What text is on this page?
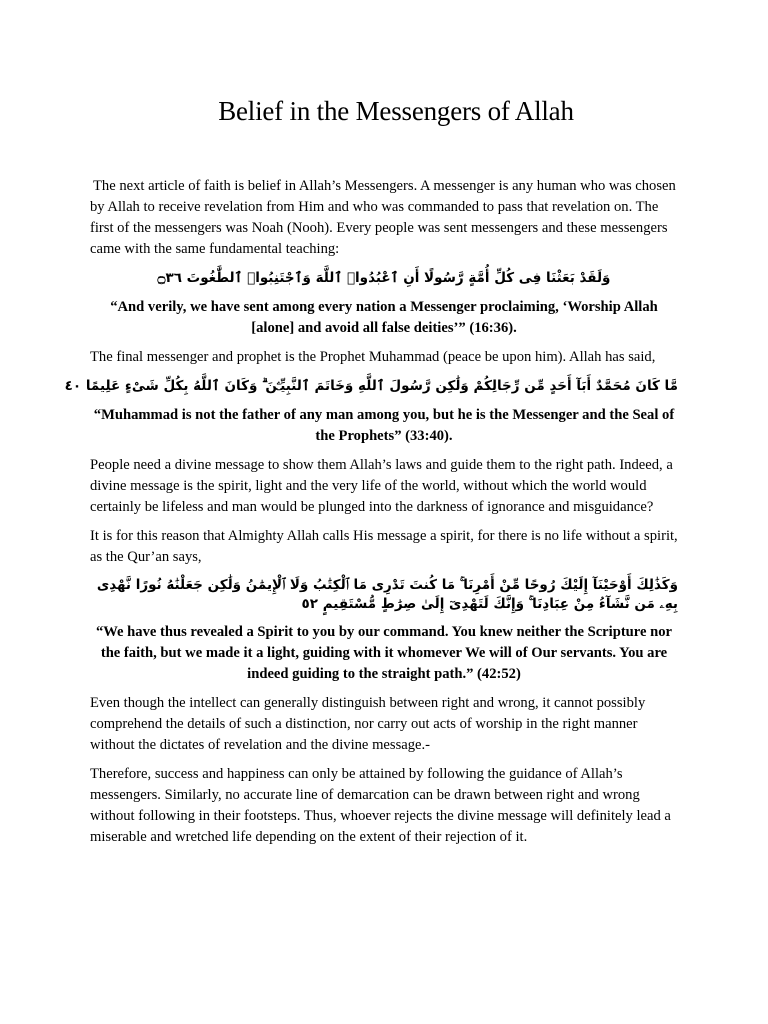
Belief in the Messengers of Allah

The next article of faith is belief in Allah’s Messengers. A messenger is any human who was chosen by Allah to receive revelation from Him and who was commanded to pass that revelation on. The first of the messengers was Noah (Nooh). Every people was sent messengers and these messengers came with the same fundamental teaching:

وَلَقَدْ بَعَثْنَا فِى كُلِّ أُمَّةٍ رَّسُولًا أَنِ ٱعْبُدُوا۟ ٱللَّهَ وَٱجْتَنِبُوا۟ ٱلطَّٰغُوتَ ۝٣٦

“And verily, we have sent among every nation a Messenger proclaiming, ‘Worship Allah [alone] and avoid all false deities’” (16:36).

The final messenger and prophet is the Prophet Muhammad (peace be upon him). Allah has said,

مَّا كَانَ مُحَمَّدٌ أَبَآ أَحَدٍ مِّن رِّجَالِكُمْ وَلَٰكِن رَّسُولَ ٱللَّهِ وَخَاتَمَ ٱلنَّبِيِّـۧنَ ۗ وَكَانَ ٱللَّهُ بِكُلِّ شَىْءٍ عَلِيمًا ٤٠

“Muhammad is not the father of any man among you, but he is the Messenger and the Seal of the Prophets” (33:40).

People need a divine message to show them Allah’s laws and guide them to the right path. Indeed, a divine message is the spirit, light and the very life of the world, without which the world would certainly be lifeless and man would be plunged into the darkness of ignorance and misguidance?

It is for this reason that Almighty Allah calls His message a spirit, for there is no life without a spirit, as the Qur’an says,

وَكَذَٰلِكَ أَوْحَيْنَآ إِلَيْكَ رُوحًا مِّنْ أَمْرِنَا ۚ مَا كُنتَ تَدْرِى مَا ٱلْكِتَٰبُ وَلَا ٱلْإِيمَٰنُ وَلَٰكِن جَعَلْنَٰهُ نُورًا نَّهْدِى بِهِۦ مَن نَّشَآءُ مِنْ عِبَادِنَا ۚ وَإِنَّكَ لَتَهْدِىٓ إِلَىٰ صِرَٰطٍ مُّسْتَقِيمٍ ٥٢

“We have thus revealed a Spirit to you by our command. You knew neither the Scripture nor the faith, but we made it a light, guiding with it whomever We will of Our servants. You are indeed guiding to the straight path.” (42:52)

Even though the intellect can generally distinguish between right and wrong, it cannot possibly comprehend the details of such a distinction, nor carry out acts of worship in the right manner without the dictates of revelation and the divine message.-

Therefore, success and happiness can only be attained by following the guidance of Allah’s messengers. Similarly, no accurate line of demarcation can be drawn between right and wrong without following in their footsteps. Thus, whoever rejects the divine message will definitely lead a miserable and wretched life depending on the extent of their rejection of it.
